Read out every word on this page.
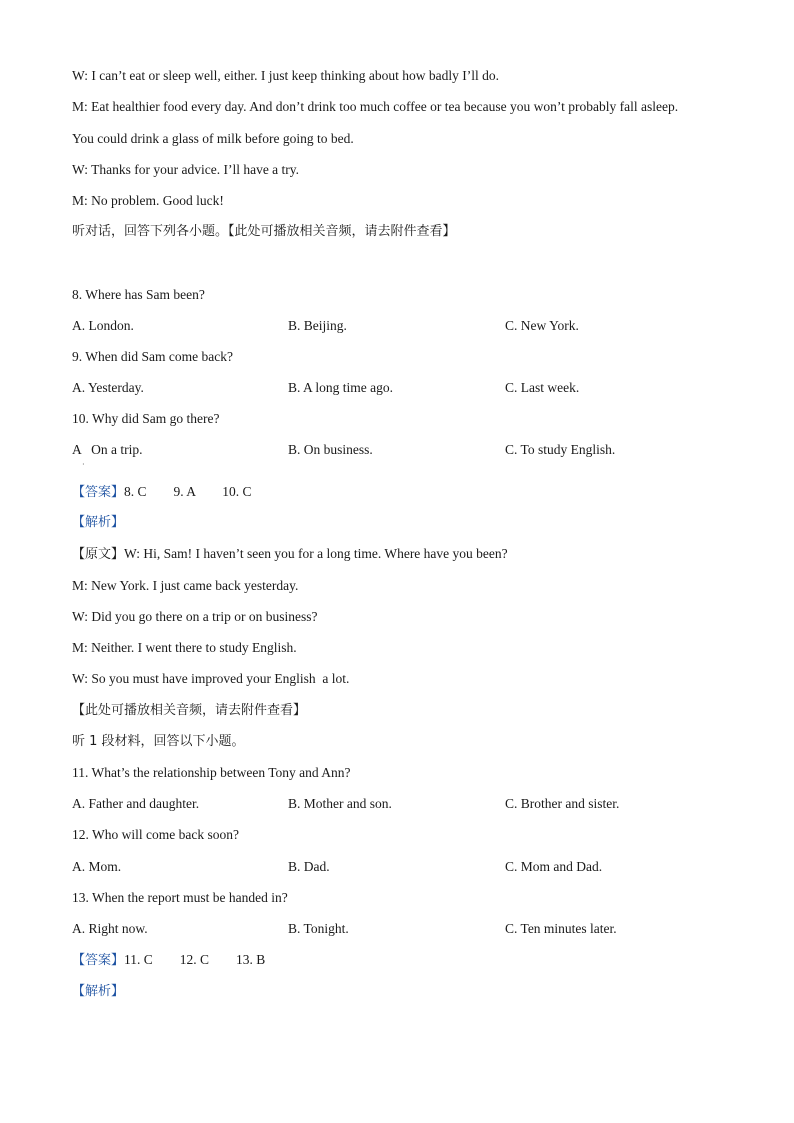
W: I can’t eat or sleep well, either. I just keep thinking about how badly I’ll do.
M: Eat healthier food every day. And don’t drink too much coffee or tea because you won’t probably fall asleep.
You could drink a glass of milk before going to bed.
W: Thanks for your advice. I’ll have a try.
M: No problem. Good luck!
听对话，回答下列各小题。【此处可播放相关音频，请去附件查看】
8. Where has Sam been?
A. London.	B. Beijing.	C. New York.
9. When did Sam come back?
A. Yesterday.	B. A long time ago.	C. Last week.
10. Why did Sam go there?
A   On a trip.
·
B. On business.	C. To study English.
【答案】8. C        9. A        10. C
【解析】
【原文】W: Hi, Sam! I haven’t seen you for a long time. Where have you been?
M: New York. I just came back yesterday.
W: Did you go there on a trip or on business?
M: Neither. I went there to study English.
W: So you must have improved your English  a lot.
【此处可播放相关音频，请去附件查看】
听 1 段材料，回答以下小题。
11. What’s the relationship between Tony and Ann?
A. Father and daughter.	B. Mother and son.	C. Brother and sister.
12. Who will come back soon?
A. Mom.	B. Dad.	C. Mom and Dad.
13. When the report must be handed in?
A. Right now.	B. Tonight.	C. Ten minutes later.
【答案】11. C        12. C        13. B
【解析】
